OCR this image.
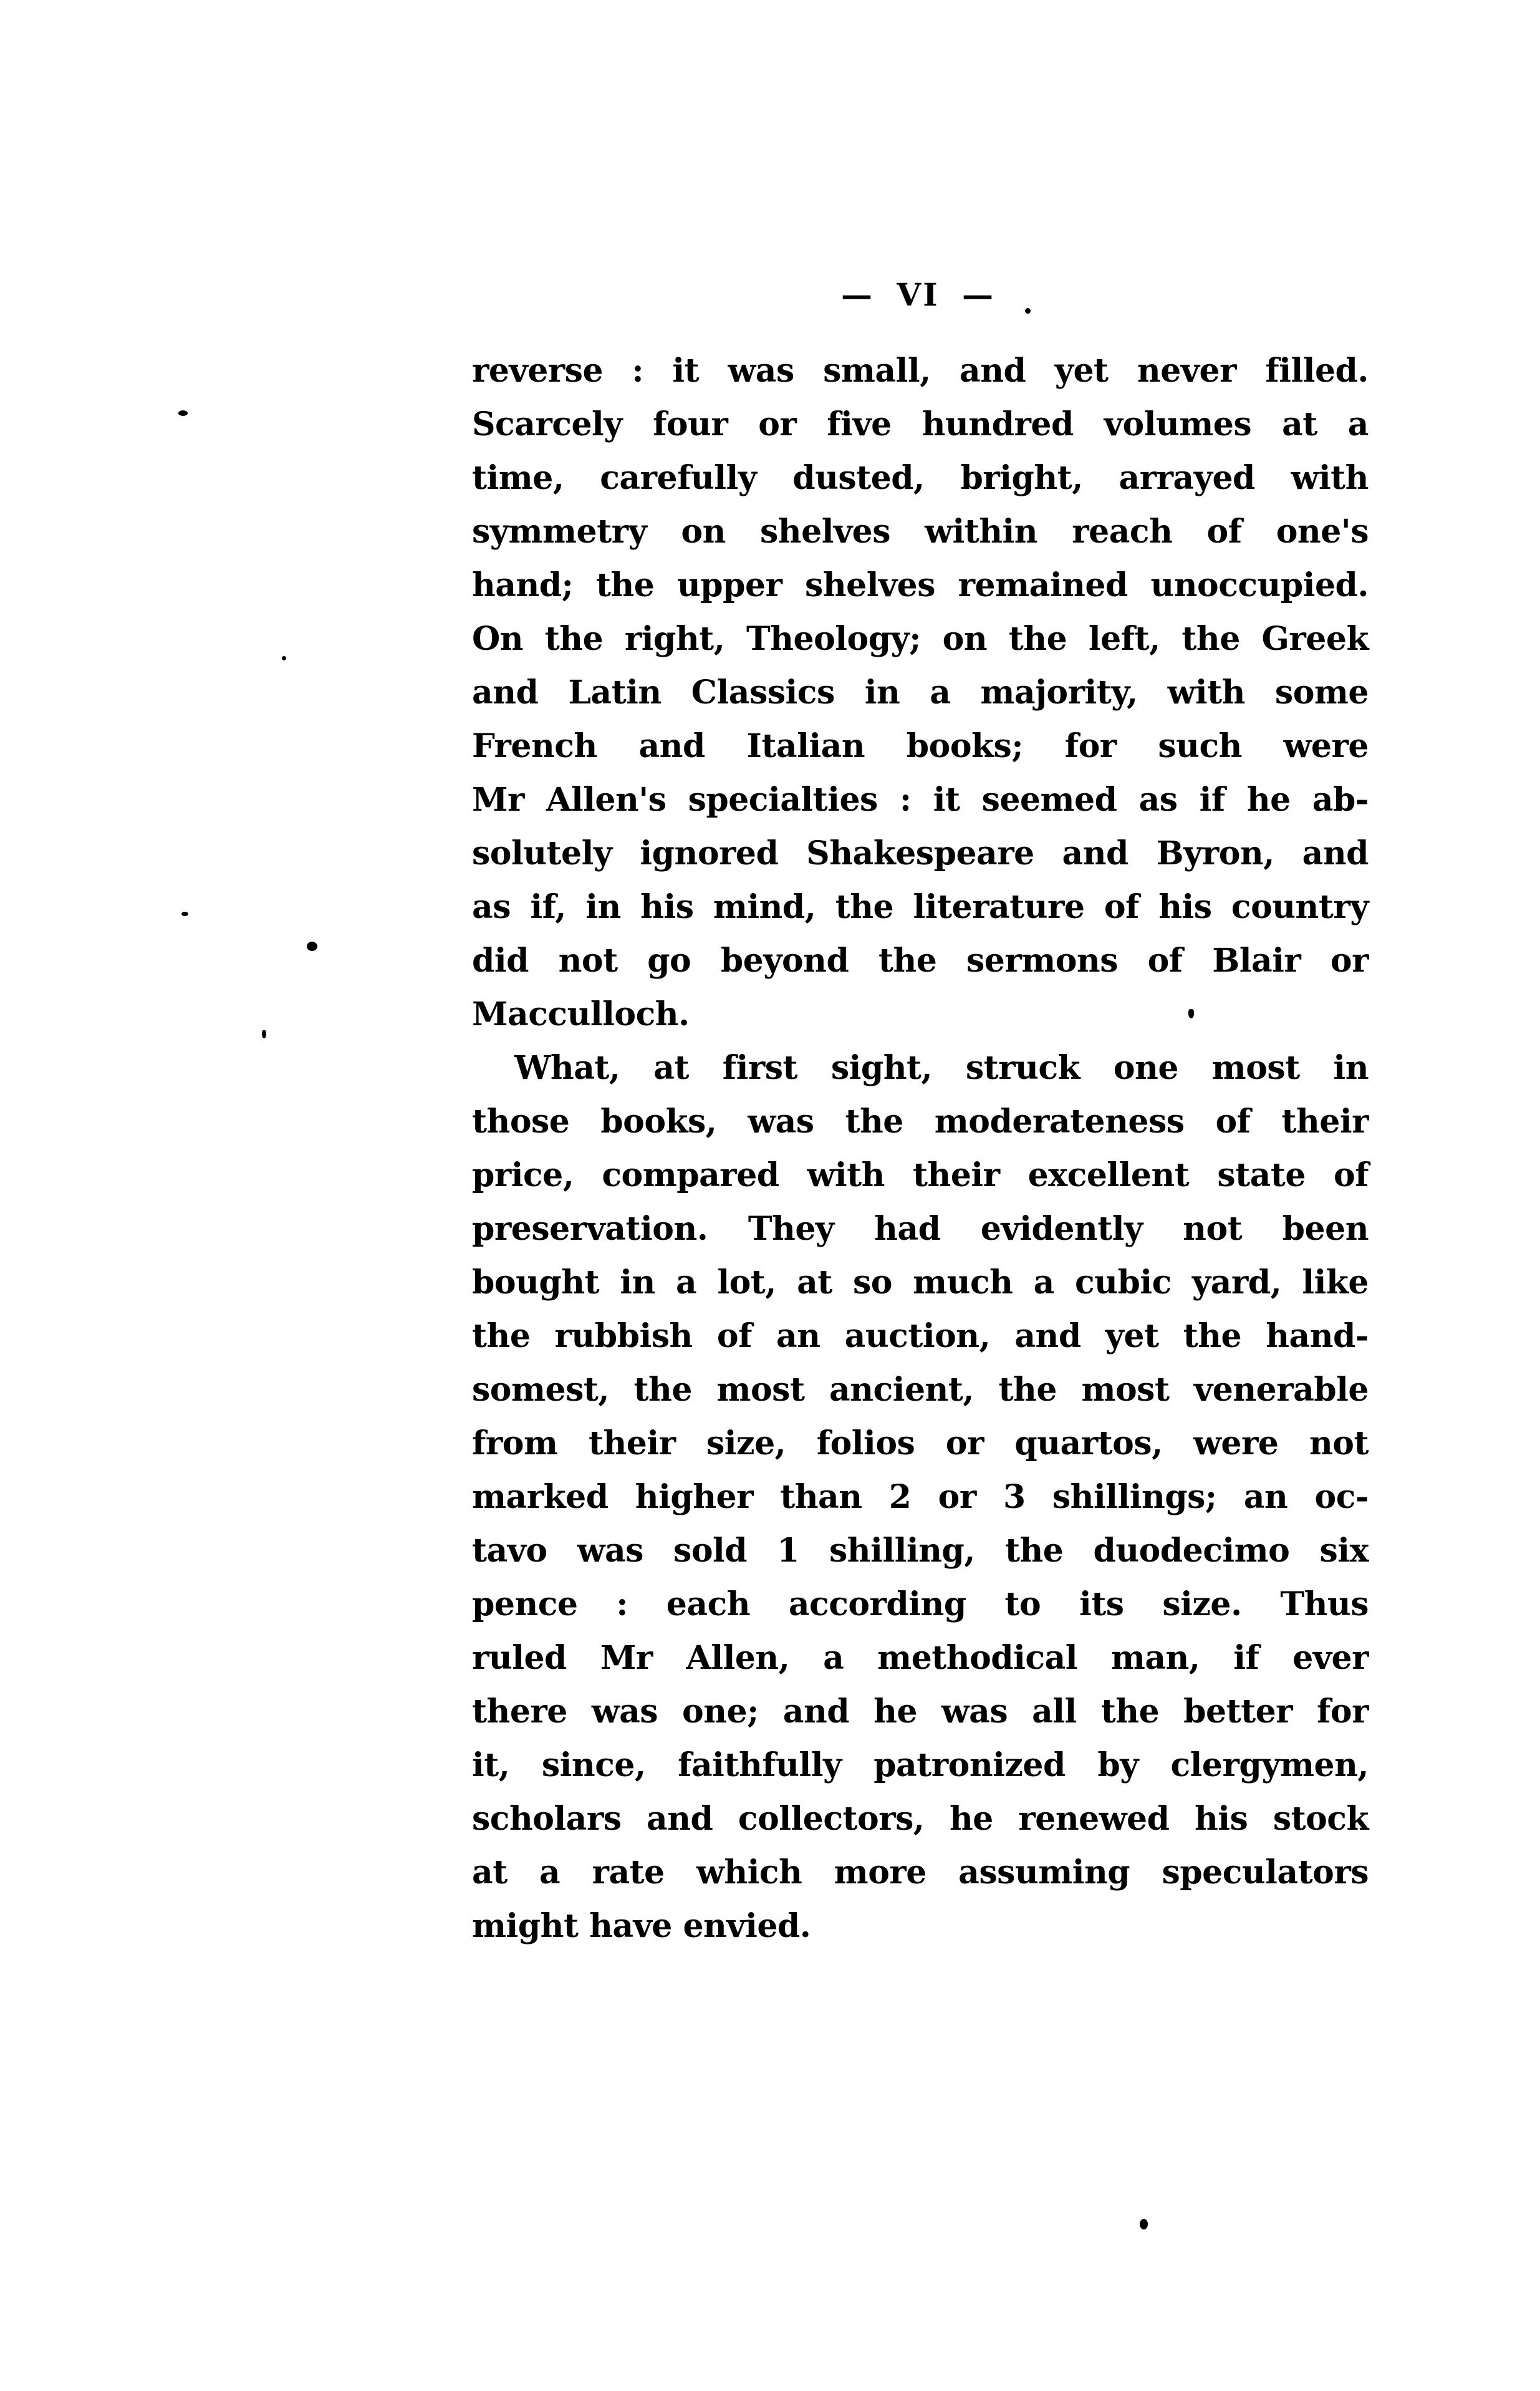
— VI —
reverse : it was small, and yet never filled.
Scarcely four or five hundred volumes at a
time, carefully dusted, bright, arrayed with
symmetry on shelves within reach of one's
hand; the upper shelves remained unoccupied.
On the right, Theology; on the left, the Greek
and Latin Classics in a majority, with some
French and Italian books; for such were
Mr Allen's specialties : it seemed as if he ab-
solutely ignored Shakespeare and Byron, and
as if, in his mind, the literature of his country
did not go beyond the sermons of Blair or
Macculloch.
What, at first sight, struck one most in
those books, was the moderateness of their
price, compared with their excellent state of
preservation. They had evidently not been
bought in a lot, at so much a cubic yard, like
the rubbish of an auction, and yet the hand-
somest, the most ancient, the most venerable
from their size, folios or quartos, were not
marked higher than 2 or 3 shillings; an oc-
tavo was sold 1 shilling, the duodecimo six
pence : each according to its size. Thus
ruled Mr Allen, a methodical man, if ever
there was one; and he was all the better for
it, since, faithfully patronized by clergymen,
scholars and collectors, he renewed his stock
at a rate which more assuming speculators
might have envied.
